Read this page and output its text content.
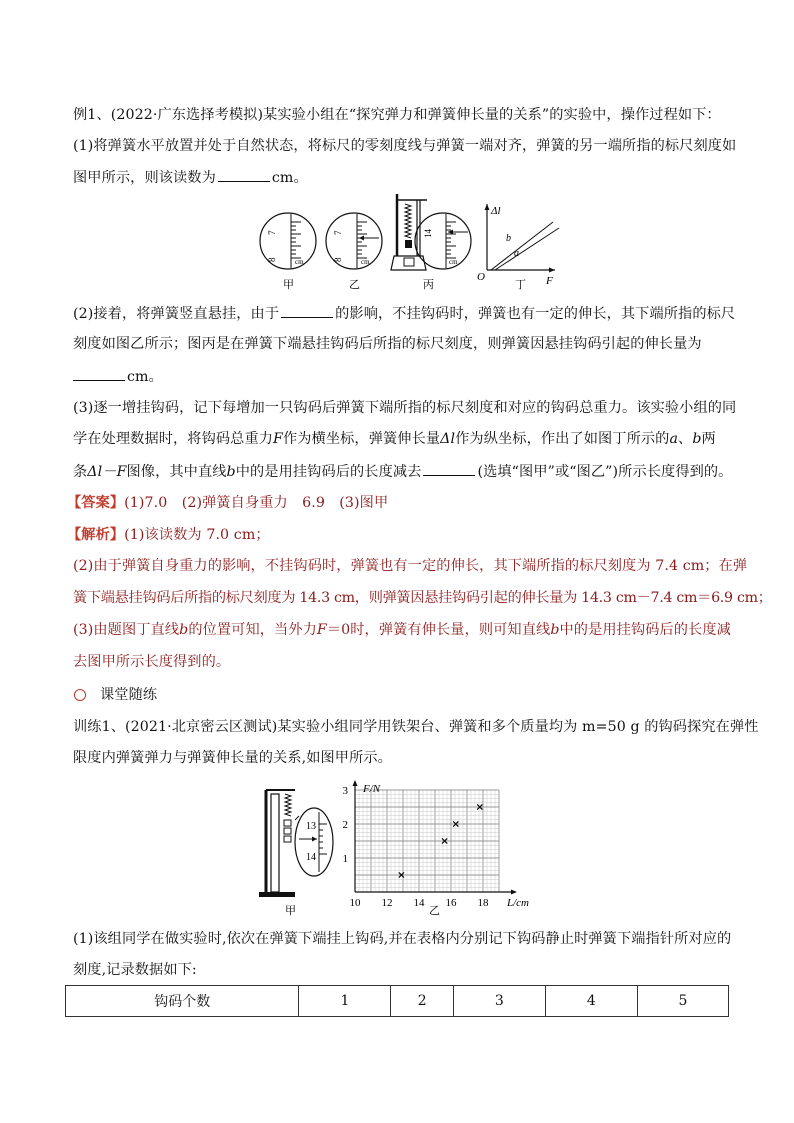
例1、(2022·广东选择考模拟)某实验小组在“探究弹力和弹簧伸长量的关系”的实验中，操作过程如下：
(1)将弹簧水平放置并处于自然状态，将标尺的零刻度线与弹簧一端对齐，弹簧的另一端所指的标尺刻度如
图甲所示，则该读数为	cm。
7
8	cm
7
8	cm
14
cm
Δl
F
O
b
a
甲	乙	丙	丁
(2)接着，将弹簧竖直悬挂，由于	的影响，不挂钩码时，弹簧也有一定的伸长，其下端所指的标尺
刻度如图乙所示；图丙是在弹簧下端悬挂钩码后所指的标尺刻度，则弹簧因悬挂钩码引起的伸长量为
cm。
(3)逐一增挂钩码，记下每增加一只钩码后弹簧下端所指的标尺刻度和对应的钩码总重力。该实验小组的同
学在处理数据时，将钩码总重力F作为横坐标，弹簧伸长量Δl作为纵坐标，作出了如图丁所示的a、b两
条Δl－F图像，其中直线b中的是用挂钩码后的长度减去	(选填“图甲”或“图乙”)所示长度得到的。
【答案】(1)7.0　(2)弹簧自身重力　6.9　(3)图甲
【解析】(1)该读数为 7.0 cm；
(2)由于弹簧自身重力的影响，不挂钩码时，弹簧也有一定的伸长，其下端所指的标尺刻度为 7.4 cm；在弹
簧下端悬挂钩码后所指的标尺刻度为 14.3 cm，则弹簧因悬挂钩码引起的伸长量为 14.3 cm－7.4 cm＝6.9 cm；
(3)由题图丁直线b的位置可知，当外力F＝0时，弹簧有伸长量，则可知直线b中的是用挂钩码后的长度减
去图甲所示长度得到的。
课堂随练
训练1、(2021·北京密云区测试)某实验小组同学用铁架台、弹簧和多个质量均为 m=50 g 的钩码探究在弹性
限度内弹簧弹力与弹簧伸长量的关系,如图甲所示。
13
14
10 12 14 16 18
1
2
3 F/N
L/cm
甲	乙
(1)该组同学在做实验时,依次在弹簧下端挂上钩码,并在表格内分别记下钩码静止时弹簧下端指针所对应的
刻度,记录数据如下:
钩码个数	1	2	3	4	5
